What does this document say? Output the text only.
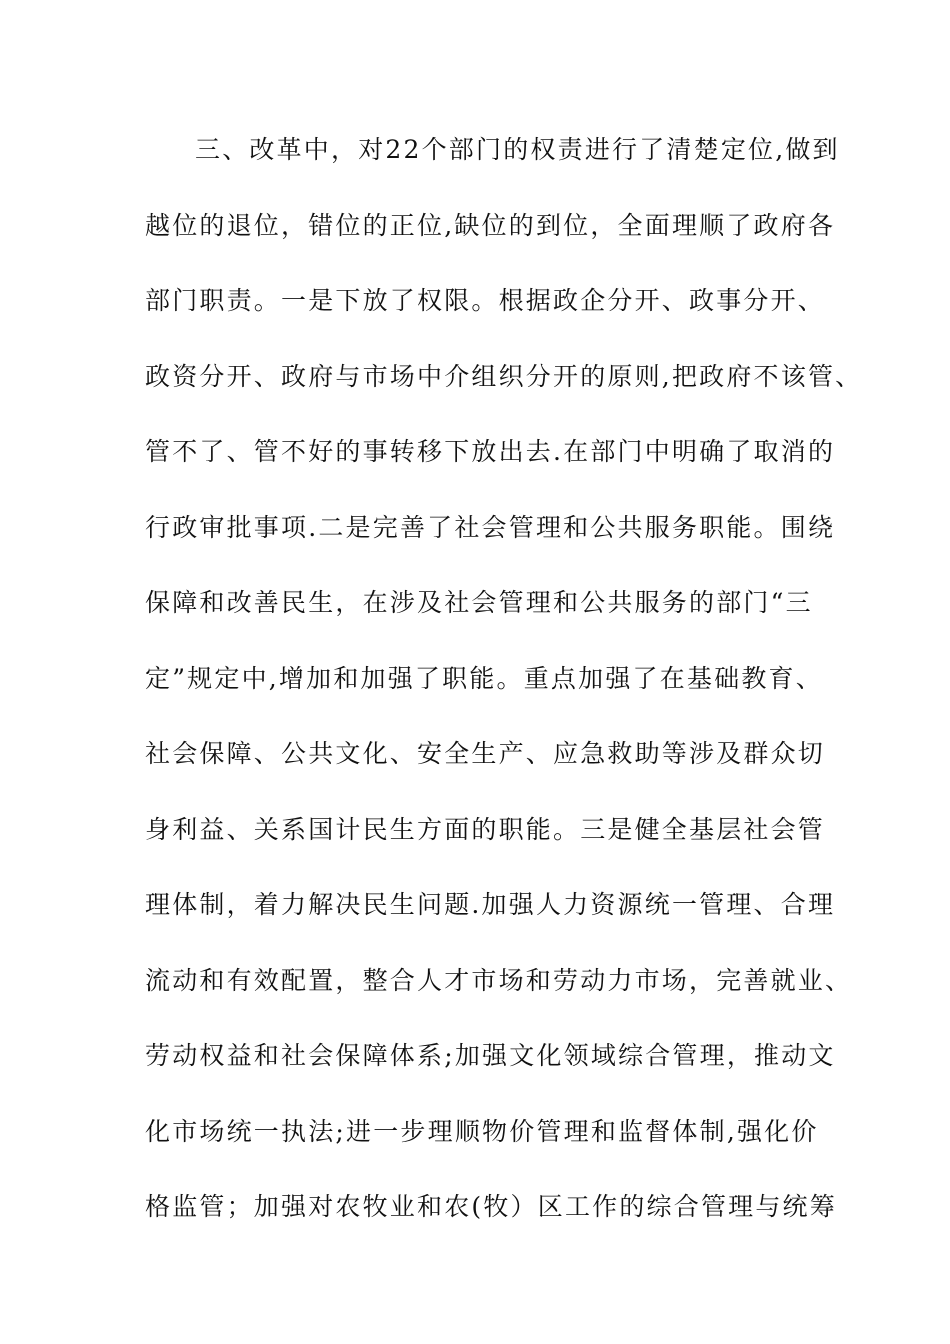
三、改革中，对22个部门的权责进行了清楚定位,做到
越位的退位，错位的正位,缺位的到位，全面理顺了政府各
部门职责。一是下放了权限。根据政企分开、政事分开、
政资分开、政府与市场中介组织分开的原则,把政府不该管、
管不了、管不好的事转移下放出去.在部门中明确了取消的
行政审批事项.二是完善了社会管理和公共服务职能。围绕
保障和改善民生，在涉及社会管理和公共服务的部门“三
定”规定中,增加和加强了职能。重点加强了在基础教育、
社会保障、公共文化、安全生产、应急救助等涉及群众切
身利益、关系国计民生方面的职能。三是健全基层社会管
理体制，着力解决民生问题.加强人力资源统一管理、合理
流动和有效配置，整合人才市场和劳动力市场，完善就业、
劳动权益和社会保障体系;加强文化领域综合管理，推动文
化市场统一执法;进一步理顺物价管理和监督体制,强化价
格监管；加强对农牧业和农(牧）区工作的综合管理与统筹
